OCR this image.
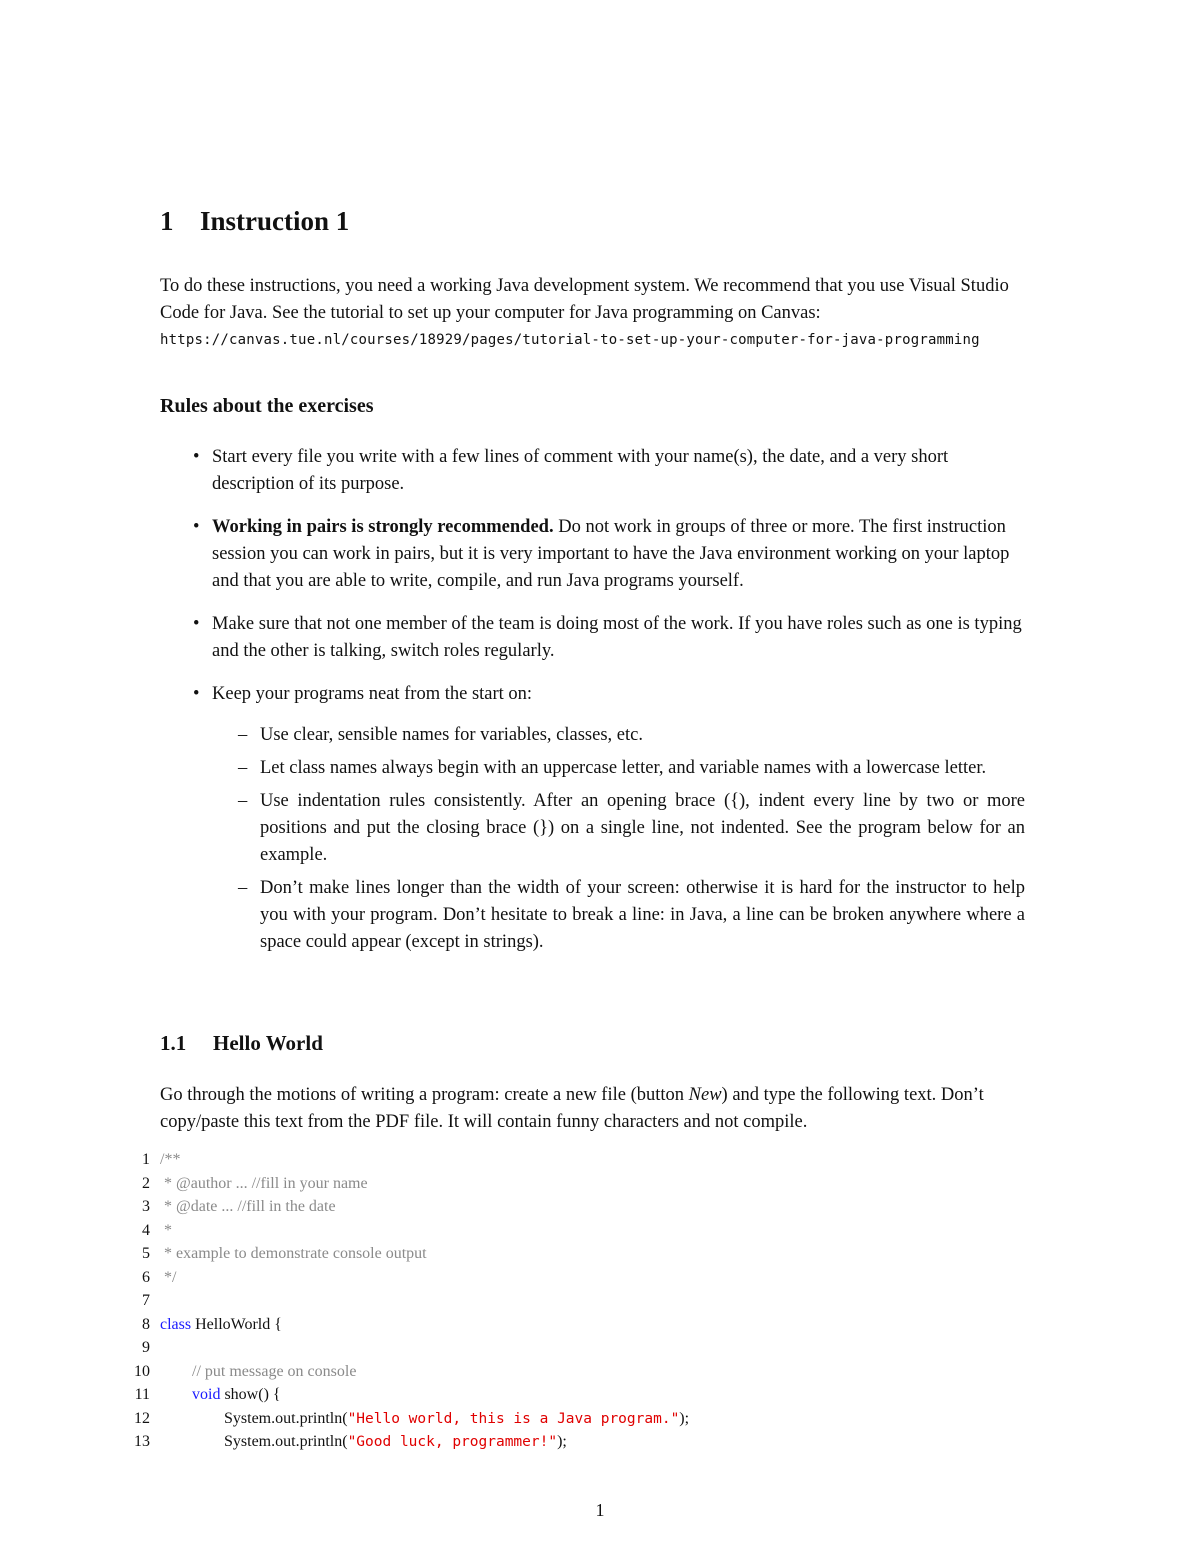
1 Instruction 1

To do these instructions, you need a working Java development system. We recommend that you use Visual Studio Code for Java. See the tutorial to set up your computer for Java programming on Canvas:
https://canvas.tue.nl/courses/18929/pages/tutorial-to-set-up-your-computer-for-java-programming

Rules about the exercises
• Start every file you write with a few lines of comment with your name(s), the date, and a very short description of its purpose.
• Working in pairs is strongly recommended. Do not work in groups of three or more. The first instruction session you can work in pairs, but it is very important to have the Java environment working on your laptop and that you are able to write, compile, and run Java programs yourself.
• Make sure that not one member of the team is doing most of the work. If you have roles such as one is typing and the other is talking, switch roles regularly.
• Keep your programs neat from the start on:
– Use clear, sensible names for variables, classes, etc.
– Let class names always begin with an uppercase letter, and variable names with a lowercase letter.
– Use indentation rules consistently. After an opening brace ({), indent every line by two or more positions and put the closing brace (}) on a single line, not indented. See the program below for an example.
– Don’t make lines longer than the width of your screen: otherwise it is hard for the instructor to help you with your program. Don’t hesitate to break a line: in Java, a line can be broken anywhere where a space could appear (except in strings).
1.1 Hello World

Go through the motions of writing a program: create a new file (button New) and type the following text. Don’t copy/paste this text from the PDF file. It will contain funny characters and not compile.

1 /**
2 * @author ... //fill in your name
3 * @date ... //fill in the date
4 *
5 * example to demonstrate console output
6 */
7
8 class HelloWorld {
9
10	// put message on console
11	void show() {
12	System.out.println("Hello world, this is a Java program.");
13	System.out.println("Good luck, programmer!");
1
